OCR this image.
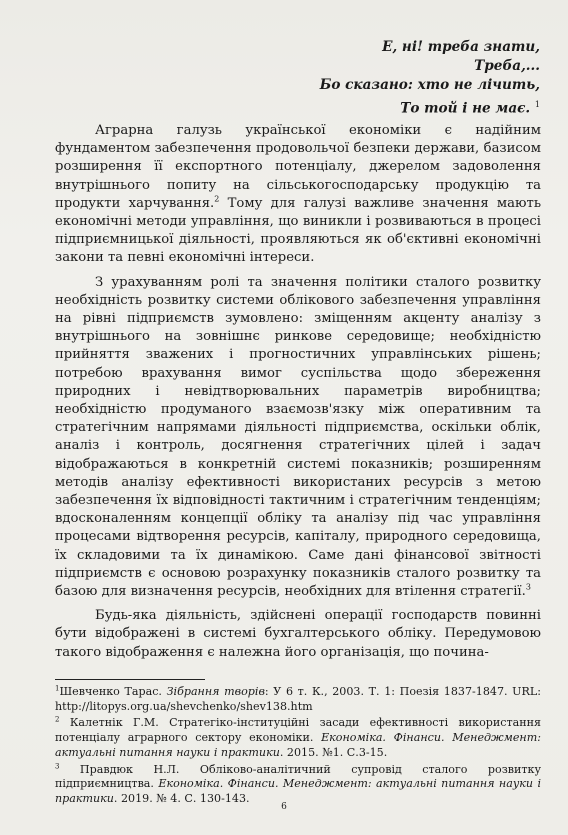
Е, ні! треба знати,
Треба,...
Бо сказано: хто не лічить,
То той і не має. $^1$

Аграрна галузь української економіки є надійним фундаментом забезпечення продовольчої безпеки держави, базисом розширення її експортного потенціалу, джерелом задоволення внутрішнього попиту на сільськогосподарську продукцію та продукти харчування.$^2$ Тому для галузі важливе значення мають економічні методи управління, що виникли і розвиваються в процесі підприємницької діяльності, проявляються як об'єктивні економічні закони та певні економічні інтереси.

З урахуванням ролі та значення політики сталого розвитку необхідність розвитку системи облікового забезпечення управління на рівні підприємств зумовлено: зміщенням акценту аналізу з внутрішнього на зовнішнє ринкове середовище; необхідністю прийняття зважених і прогностичних управлінських рішень; потребою врахування вимог суспільства щодо збереження природних і невідтворювальних параметрів виробництва; необхідністю продуманого взаємозв'язку між оперативним та стратегічним напрямами діяльності підприємства, оскільки облік, аналіз і контроль, досягнення стратегічних цілей і задач відображаються в конкретній системі показників; розширенням методів аналізу ефективності використаних ресурсів з метою забезпечення їх відповідності тактичним і стратегічним тенденціям; вдосконаленням концепції обліку та аналізу під час управління процесами відтворення ресурсів, капіталу, природного середовища, їх складовими та їх динамікою. Саме дані фінансової звітності підприємств є основою розрахунку показників сталого розвитку та базою для визначення ресурсів, необхідних для втілення стратегії.$^3$

Будь-яка діяльність, здійснені операції господарств повинні бути відображені в системі бухгалтерського обліку. Передумовою такого відображення є належна його організація, що почина-

$^1$Шевченко Тарас. Зібрання творів: У 6 т. К., 2003. Т. 1: Поезія 1837-1847. URL: http://litopys.org.ua/shevchenko/shev138.htm
$^2$ Калетнік Г.М. Стратегіко-інституційні засади ефективності використання потенціалу аграрного сектору економіки. Економіка. Фінанси. Менеджмент: актуальні питання науки і практики. 2015. №1. С.3-15.
$^3$ Правдюк Н.Л. Обліково-аналітичний супровід сталого розвитку підприємництва. Економіка. Фінанси. Менеджмент: актуальні питання науки і практики. 2019. № 4. С. 130-143.
6
